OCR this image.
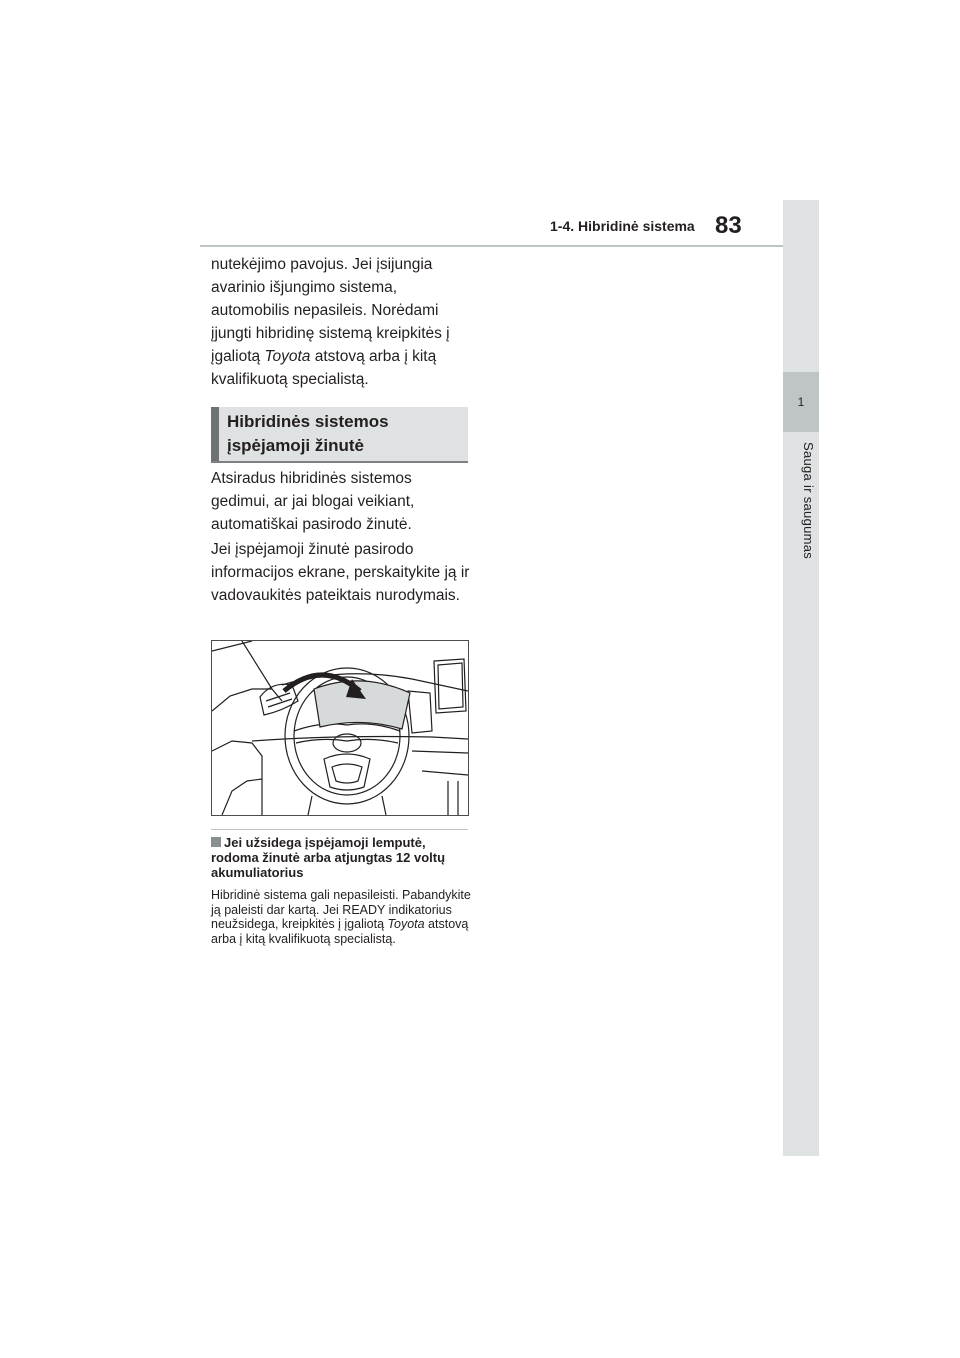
1
Sauga ir saugumas
1-4. Hibridinė sistema 83

nutekėjimo pavojus. Jei įsijungia avarinio išjungimo sistema, automobilis nepasileis. Norėdami įjungti hibridinę sistemą kreipkitės į įgaliotą Toyota atstovą arba į kitą kvalifikuotą specialistą.

Hibridinės sistemos įspėjamoji žinutė

Atsiradus hibridinės sistemos gedimui, ar jai blogai veikiant, automatiškai pasirodo žinutė.

Jei įspėjamoji žinutė pasirodo informacijos ekrane, perskaitykite ją ir vadovaukitės pateiktais nurodymais.

Jei užsidega įspėjamoji lemputė, rodoma žinutė arba atjungtas 12 voltų akumuliatorius
Hibridinė sistema gali nepasileisti. Pabandykite ją paleisti dar kartą. Jei READY indikatorius neužsidega, kreipkitės į įgaliotą Toyota atstovą arba į kitą kvalifikuotą specialistą.
